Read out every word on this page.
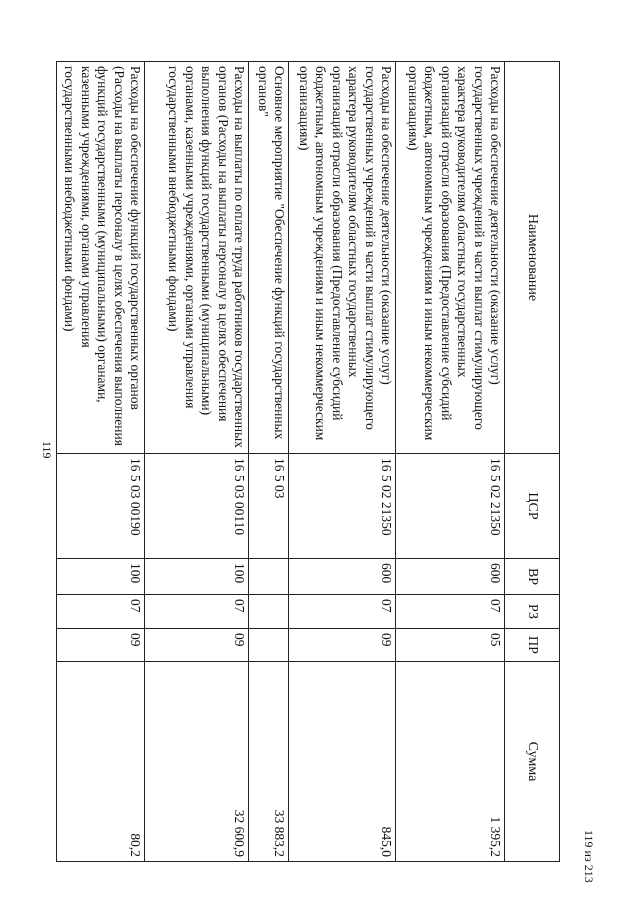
119
Наименование	ЦСР	ВР	РЗ	ПР	Сумма
Расходы на обеспечение деятельности (оказание услуг) государственных учреждений в части выплат стимулирующего характера руководителям областных государственных организаций отрасли образования (Предоставление субсидий бюджетным, автономным учреждениям и иным некоммерческим организациям)	16 5 02 21350	600	07	05	1 395,2
Расходы на обеспечение деятельности (оказание услуг) государственных учреждений в части выплат стимулирующего характера руководителям областных государственных организаций отрасли образования (Предоставление субсидий бюджетным, автономным учреждениям и иным некоммерческим организациям)	16 5 02 21350	600	07	09	845,0
Основное мероприятие "Обеспечение функций государственных органов"	16 5 03				33 883,2
Расходы на выплаты по оплате труда работников государственных органов (Расходы на выплаты персоналу в целях обеспечения выполнения функций государственными (муниципальными) органами, казенными учреждениями, органами управления государственными внебюджетными фондами)	16 5 03 00110	100	07	09	32 600,9
Расходы на обеспечение функций государственных органов (Расходы на выплаты персоналу в целях обеспечения выполнения функций государственными (муниципальными) органами, казенными учреждениями, органами управления государственными внебюджетными фондами)	16 5 03 00190	100	07	09	80,2	119 из 213
